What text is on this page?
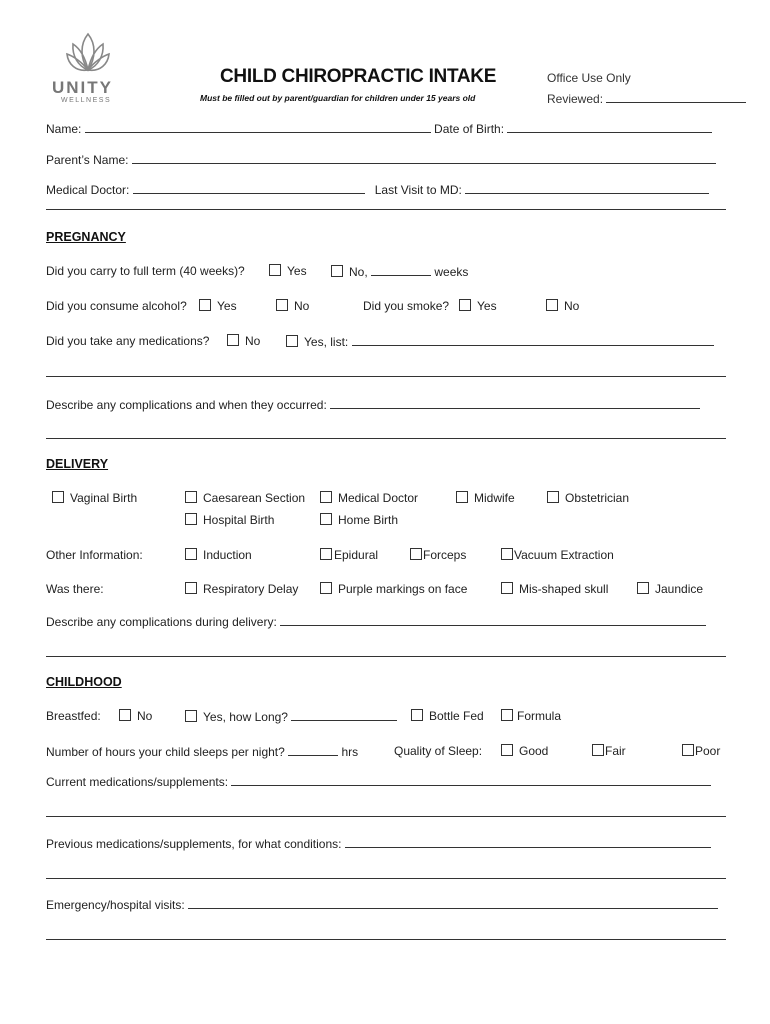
UNITY
WELLNESS
CHILD CHIROPRACTIC INTAKE
Must be filled out by parent/guardian for children under 15 years old
Office Use Only
Reviewed:
Name:	Date of Birth:
Parent’s Name:
Medical Doctor:	Last Visit to MD:
PREGNANCY
Did you carry to full term (40 weeks)?	Yes	No,	weeks
Did you consume alcohol?	Yes	No	Did you smoke?	Yes	No
Did you take any medications?	No	Yes, list:
Describe any complications and when they occurred:
DELIVERY
Vaginal Birth	Caesarean Section	Medical Doctor	Midwife	Obstetrician
Hospital Birth	Home Birth
Other Information:	Induction	Epidural	Forceps	Vacuum Extraction
Was there:	Respiratory Delay	Purple markings on face	Mis-shaped skull	Jaundice
Describe any complications during delivery:
CHILDHOOD
Breastfed:	No	Yes, how Long?	Bottle Fed	Formula
Number of hours your child sleeps per night?	hrs	Quality of Sleep:	Good	Fair	Poor
Current medications/supplements:
Previous medications/supplements, for what conditions:
Emergency/hospital visits:
